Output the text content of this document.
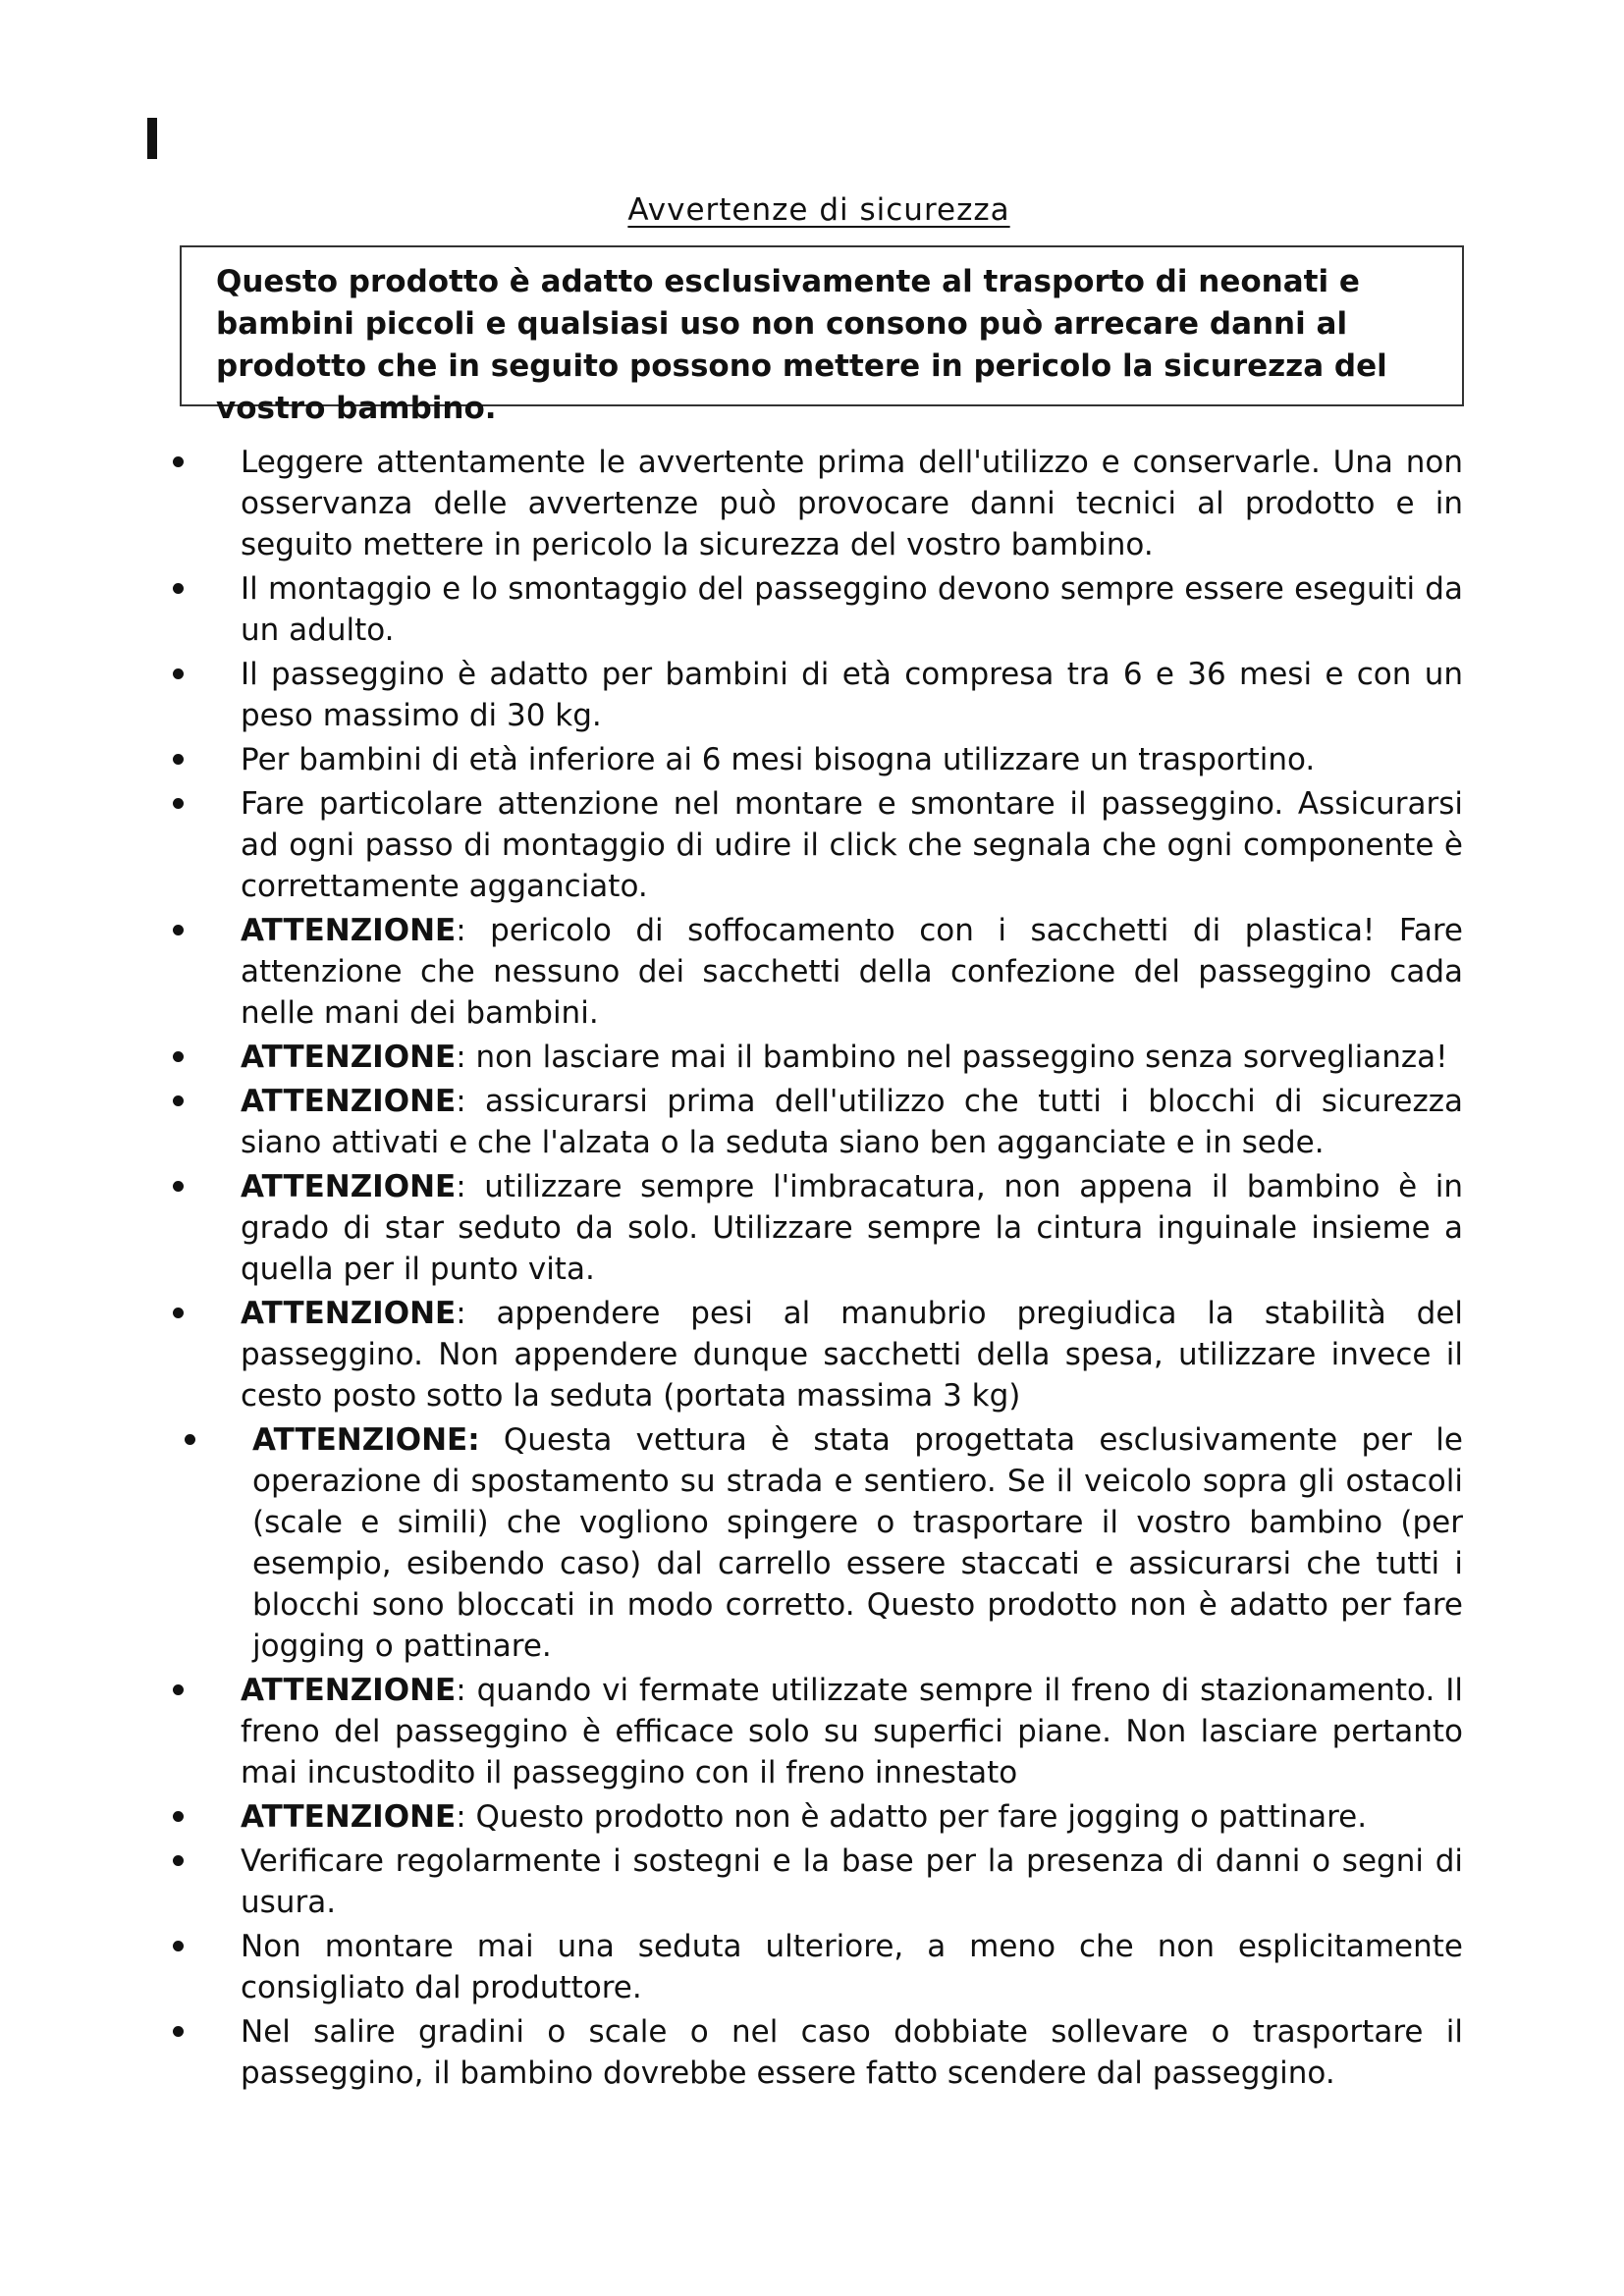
Avvertenze di sicurezza
Questo prodotto è adatto esclusivamente al trasporto di neonati e bambini piccoli e qualsiasi uso non consono può arrecare danni al prodotto che in seguito possono mettere in pericolo la sicurezza del vostro bambino.
Leggere attentamente le avvertente prima dell'utilizzo e conservarle. Una non osservanza delle avvertenze può provocare danni tecnici al prodotto e in seguito mettere in pericolo la sicurezza del vostro bambino.
Il montaggio e lo smontaggio del passeggino devono sempre essere eseguiti da un adulto.
Il passeggino è adatto per bambini di età compresa tra 6 e 36 mesi e con un peso massimo di 30 kg.
Per bambini di età inferiore ai 6 mesi bisogna utilizzare un trasportino.
Fare particolare attenzione nel montare e smontare il passeggino. Assicurarsi ad ogni passo di montaggio di udire il click che segnala che ogni componente è correttamente agganciato.
ATTENZIONE: pericolo di soffocamento con i sacchetti di plastica! Fare attenzione che nessuno dei sacchetti della confezione del passeggino cada nelle mani dei bambini.
ATTENZIONE: non lasciare mai il bambino nel passeggino senza sorveglianza!
ATTENZIONE: assicurarsi prima dell'utilizzo che tutti i blocchi di sicurezza siano attivati e che l'alzata o la seduta siano ben agganciate e in sede.
ATTENZIONE: utilizzare sempre l'imbracatura, non appena il bambino è in grado di star seduto da solo. Utilizzare sempre la cintura inguinale insieme a quella per il punto vita.
ATTENZIONE: appendere pesi al manubrio pregiudica la stabilità del passeggino. Non appendere dunque sacchetti della spesa, utilizzare invece il cesto posto sotto la seduta (portata massima 3 kg)
ATTENZIONE: Questa vettura è stata progettata esclusivamente per le operazione di spostamento su strada e sentiero. Se il veicolo sopra gli ostacoli (scale e simili) che vogliono spingere o trasportare il vostro bambino (per esempio, esibendo caso) dal carrello essere staccati e assicurarsi che tutti i blocchi sono bloccati in modo corretto. Questo prodotto non è adatto per fare jogging o pattinare.
ATTENZIONE: quando vi fermate utilizzate sempre il freno di stazionamento. Il freno del passeggino è efficace solo su superfici piane. Non lasciare pertanto mai incustodito il passeggino con il freno innestato
ATTENZIONE: Questo prodotto non è adatto per fare jogging o pattinare.
Verificare regolarmente i sostegni e la base per la presenza di danni o segni di usura.
Non montare mai una seduta ulteriore, a meno che non esplicitamente consigliato dal produttore.
Nel salire gradini o scale o nel caso dobbiate sollevare o trasportare il passeggino, il bambino dovrebbe essere fatto scendere dal passeggino.
